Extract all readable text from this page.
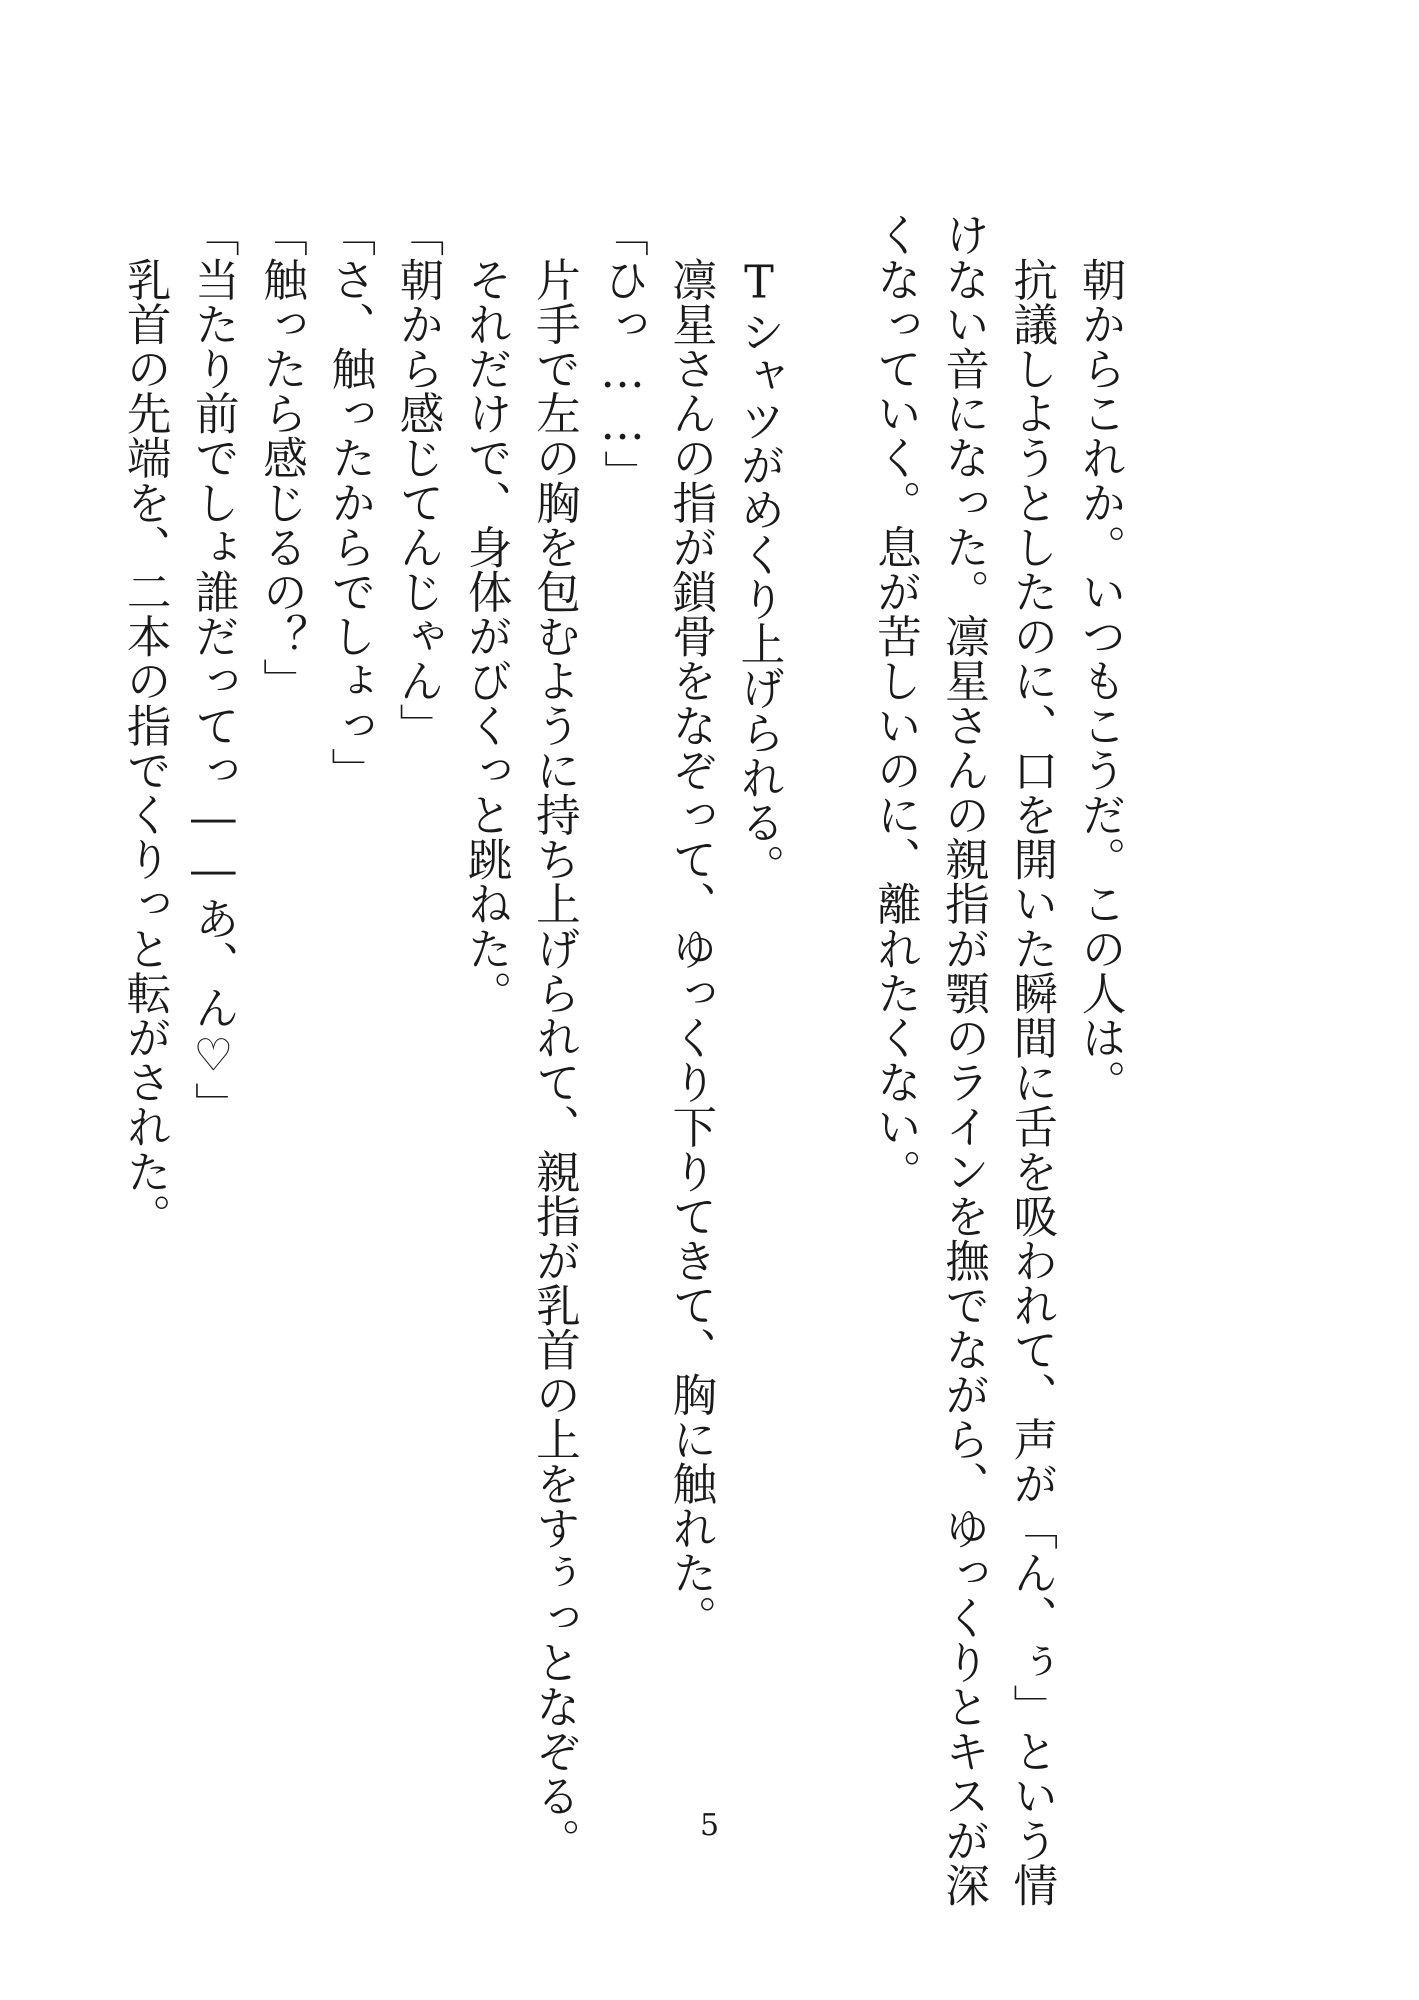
　朝からこれか。いつもこうだ。この人は。
　抗議しようとしたのに、口を開いた瞬間に舌を吸われて、声が「ん、ぅ」という情
けない音になった。凛星さんの親指が顎のラインを撫でながら、ゆっくりとキスが深
くなっていく。息が苦しいのに、離れたくない。

　Tシャツがめくり上げられる。
　凛星さんの指が鎖骨をなぞって、ゆっくり下りてきて、胸に触れた。
「ひっ……」
　片手で左の胸を包むように持ち上げられて、親指が乳首の上をすぅっとなぞる。
　それだけで、身体がびくっと跳ねた。
「朝から感じてんじゃん」
「さ、触ったからでしょっ」
「触ったら感じるの？」
「当たり前でしょ誰だってっ――あ、ん♡」
　乳首の先端を、二本の指でくりっと転がされた。
5
